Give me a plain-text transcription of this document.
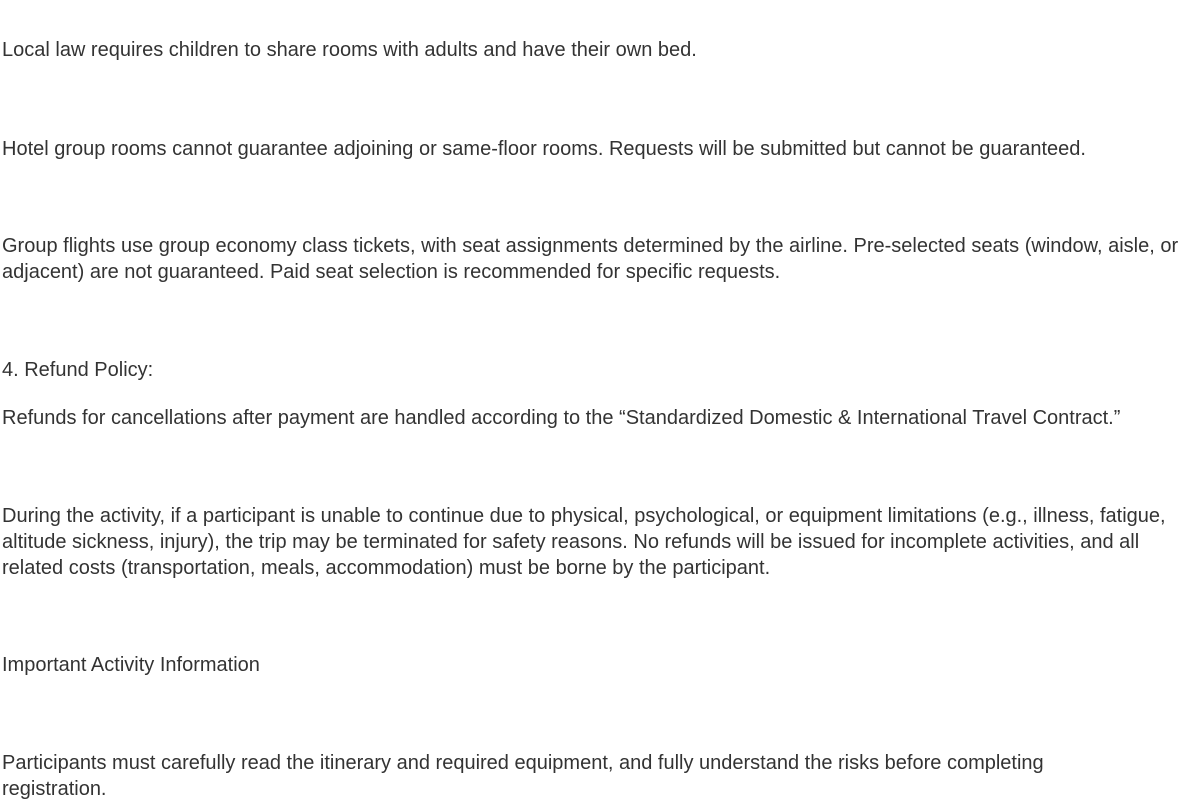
Local law requires children to share rooms with adults and have their own bed.

Hotel group rooms cannot guarantee adjoining or same-floor rooms. Requests will be submitted but cannot be guaranteed.

Group flights use group economy class tickets, with seat assignments determined by the airline. Pre-selected seats (window, aisle, or adjacent) are not guaranteed. Paid seat selection is recommended for specific requests.

4. Refund Policy:

Refunds for cancellations after payment are handled according to the “Standardized Domestic & International Travel Contract.”

During the activity, if a participant is unable to continue due to physical, psychological, or equipment limitations (e.g., illness, fatigue, altitude sickness, injury), the trip may be terminated for safety reasons. No refunds will be issued for incomplete activities, and all related costs (transportation, meals, accommodation) must be borne by the participant.

Important Activity Information

Participants must carefully read the itinerary and required equipment, and fully understand the risks before completing registration.
